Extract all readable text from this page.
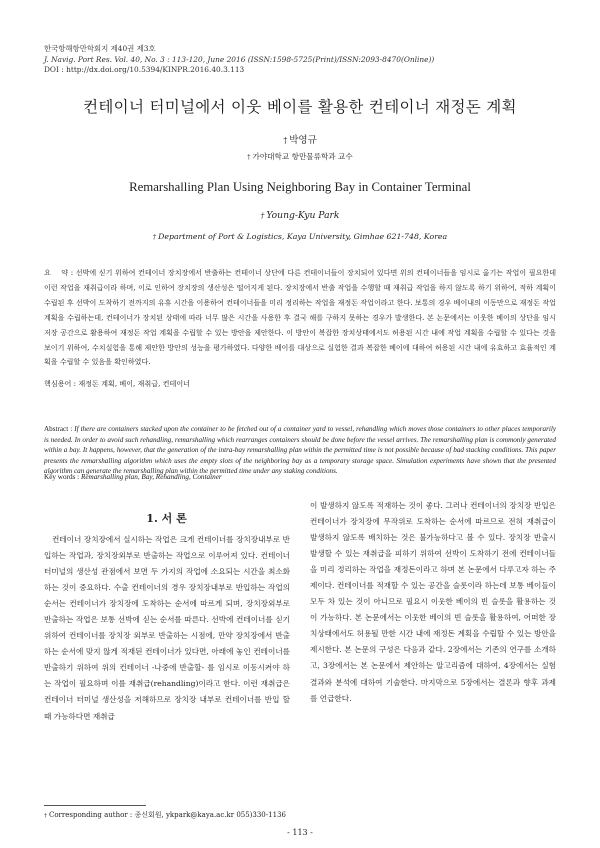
한국항해항만학회지 제40권 제3호
J. Navig. Port Res. Vol. 40, No. 3 : 113-120, June 2016 (ISSN:1598-5725(Print)/ISSN:2093-8470(Online))
DOI : http://dx.doi.org/10.5394/KINPR.2016.40.3.113
컨테이너 터미널에서 이웃 베이를 활용한 컨테이너 재정돈 계획
† 박영규
† 가야대학교 항만물류학과 교수
Remarshalling Plan Using Neighboring Bay in Container Terminal
† Young-Kyu Park
† Department of Port & Logistics, Kaya University, Gimhae 621-748, Korea
요    약 : 선박에 싣기 위하여 컨테이너 장치장에서 반출하는 컨테이너 상단에 다른 컨테이너들이 장치되어 있다면 위의 컨테이너들을 임시로 옮기는 작업이 필요한데 이런 작업을 재취급이라 하며, 이로 인하여 장치장의 생산성은 떨어지게 된다. 장치장에서 반출 작업을 수행할 때 재취급 작업을 하지 않도록 하기 위하여, 적하 계획이 수립된 후 선박이 도착하기 전까지의 유휴 시간을 이용하여 컨테이너들을 미리 정리하는 작업을 재정돈 작업이라고 한다. 보통의 경우 베이내의 이동만으로 재정돈 작업 계획을 수립하는데, 컨테이너가 장치된 상태에 따라 너무 많은 시간을 사용한 후 결국 해를 구하지 못하는 경우가 발생한다. 본 논문에서는 이웃한 베이의 상단을 임시 저장 공간으로 활용하여 재정돈 작업 계획을 수립할 수 있는 방안을 제안한다. 이 방안이 복잡한 장치상태에서도 허용된 시간 내에 작업 계획을 수립할 수 있다는 것을 보이기 위하여, 수치실험을 통해 제안한 방안의 성능을 평가하였다. 다양한 베이를 대상으로 실험한 결과 복잡한 베이에 대하여 허용된 시간 내에 유효하고 효율적인 계획을 수립할 수 있음을 확인하였다.
핵심용어 : 재정돈 계획, 베이, 재취급, 컨테이너
Abstract : If there are containers stacked upon the container to be fetched out of a container yard to vessel, rehandling which moves those containers to other places temporarily is needed. In order to avoid such rehandling, remarshalling which rearranges containers should be done before the vessel arrives. The remarshalling plan is commonly generated within a bay. It happens, however, that the generation of the intra-bay remarshalling plan within the permitted time is not possible because of bad stacking conditions. This paper presents the remarshalling algorithm which uses the empty slots of the neighboring bay as a temporary storage space. Simulation experiments have shown that the presented algorithm can generate the remarshalling plan within the permitted time under any staking conditions.
Key words : Remarshalling plan, Bay, Rehandling, Container
1. 서 론
컨테이너 장치장에서 실시하는 작업은 크게 컨테이너를 장치장내부로 반입하는 작업과, 장치장외부로 반출하는 작업으로 이루어져 있다. 컨테이너 터미널의 생산성 관점에서 보면 두 가지의 작업에 소요되는 시간을 최소화 하는 것이 중요하다. 수출 컨테이너의 경우 장치장내부로 반입하는 작업의 순서는 컨테이너가 장치장에 도착하는 순서에 따르게 되며, 장치장외부로 반출하는 작업은 보통 선박에 싣는 순서를 따른다. 선박에 컨테이너를 싣기 위하여 컨테이너를 장치장 외부로 반출하는 시점에, 만약 장치장에서 반출하는 순서에 맞지 않게 적재된 컨테이너가 있다면, 아래에 놓인 컨테이너를 반출하기 위하여 위의 컨테이너 -나중에 반출할- 를 임시로 이동시켜야 하는 작업이 필요하며 이를 재취급(rehandling)이라고 한다. 이런 재취급은 컨테이너 터미널 생산성을 저해하므로 장치장 내부로 컨테이너를 반입 할 때 가능하다면 재취급
이 발생하지 않도록 적재하는 것이 좋다. 그러나 컨테이너의 장치장 반입은 컨테이너가 장치장에 무작위로 도착하는 순서에 따르므로 전혀 재취급이 발생하지 않도록 배치하는 것은 불가능하다고 볼 수 있다. 장치장 반출시 발생할 수 있는 재취급을 피하기 위하여 선박이 도착하기 전에 컨테이너들을 미리 정리하는 작업을 재정돈이라고 하며 본 논문에서 다루고자 하는 주제이다. 컨테이너를 적재할 수 있는 공간을 슬롯이라 하는데 보통 베이들이 모두 차 있는 것이 아니므로 필요시 이웃한 베이의 빈 슬롯을 활용하는 것이 가능하다. 본 논문에서는 이웃한 베이의 빈 슬롯을 활용하여, 어떠한 장치상태에서도 허용될 만한 시간 내에 재정돈 계획을 수립할 수 있는 방안을 제시한다. 본 논문의 구성은 다음과 같다. 2장에서는 기존의 연구를 소개하고, 3장에서는 본 논문에서 제안하는 알고리즘에 대하여, 4장에서는 실험결과와 분석에 대하여 기술한다. 마지막으로 5장에서는 결론과 향후 과제를 언급한다.
† Corresponding author : 종신회원, ykpark@kaya.ac.kr 055)330-1136
- 113 -
